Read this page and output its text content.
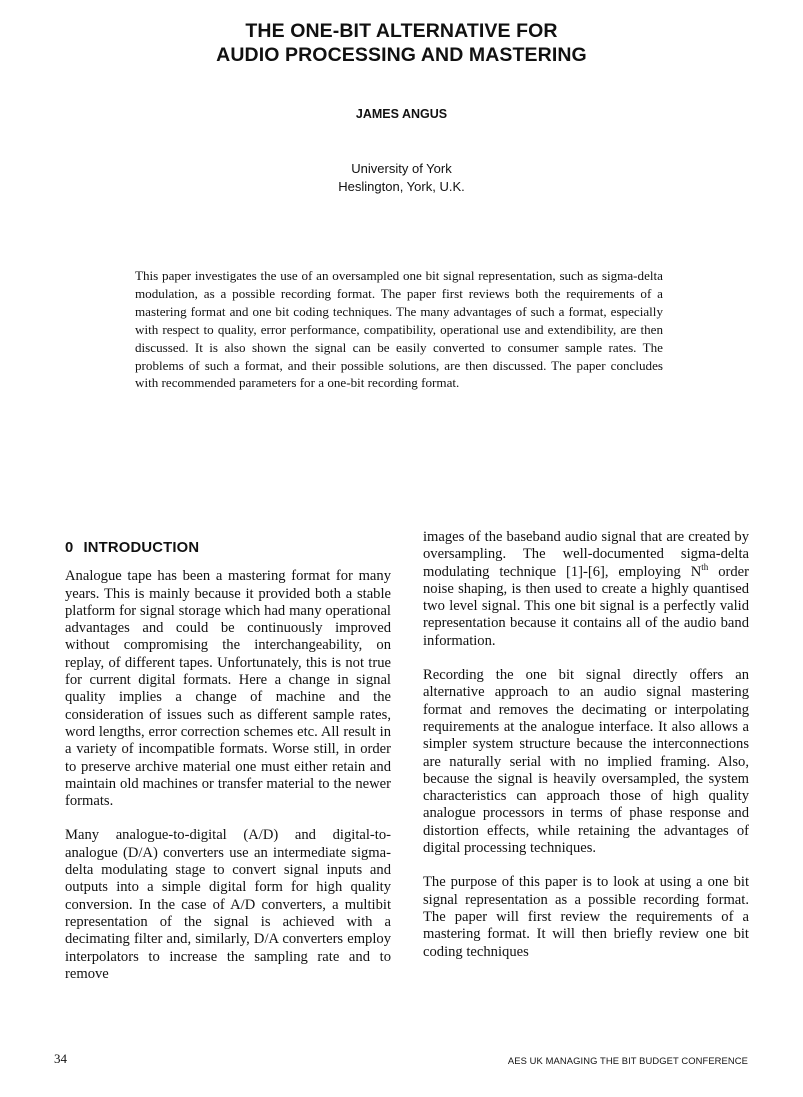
THE ONE-BIT ALTERNATIVE FOR
AUDIO PROCESSING AND MASTERING
JAMES ANGUS
University of York
Heslington, York, U.K.
This paper investigates the use of an oversampled one bit signal representation, such as sigma-delta modulation, as a possible recording format. The paper first reviews both the requirements of a mastering format and one bit coding techniques. The many advantages of such a format, especially with respect to quality, error performance, compatibility, operational use and extendibility, are then discussed. It is also shown the signal can be easily converted to consumer sample rates. The problems of such a format, and their possible solutions, are then discussed. The paper concludes with recommended parameters for a one-bit recording format.
0 INTRODUCTION

Analogue tape has been a mastering format for many years. This is mainly because it provided both a stable platform for signal storage which had many operational advantages and could be continuously improved without compromising the interchangeability, on replay, of different tapes. Unfortunately, this is not true for current digital formats. Here a change in signal quality implies a change of machine and the consideration of issues such as different sample rates, word lengths, error correction schemes etc. All result in a variety of incompatible formats. Worse still, in order to preserve archive material one must either retain and maintain old machines or transfer material to the newer formats.

Many analogue-to-digital (A/D) and digital-to-analogue (D/A) converters use an intermediate sigma-delta modulating stage to convert signal inputs and outputs into a simple digital form for high quality conversion. In the case of A/D converters, a multibit representation of the signal is achieved with a decimating filter and, similarly, D/A converters employ interpolators to increase the sampling rate and to remove

images of the baseband audio signal that are created by oversampling. The well-documented sigma-delta modulating technique [1]-[6], employing $N^{th}$ order noise shaping, is then used to create a highly quantised two level signal. This one bit signal is a perfectly valid representation because it contains all of the audio band information.

Recording the one bit signal directly offers an alternative approach to an audio signal mastering format and removes the decimating or interpolating requirements at the analogue interface. It also allows a simpler system structure because the interconnections are naturally serial with no implied framing. Also, because the signal is heavily oversampled, the system characteristics can approach those of high quality analogue processors in terms of phase response and distortion effects, while retaining the advantages of digital processing techniques.

The purpose of this paper is to look at using a one bit signal representation as a possible recording format. The paper will first review the requirements of a mastering format. It will then briefly review one bit coding techniques

34	AES UK MANAGING THE BIT BUDGET CONFERENCE
